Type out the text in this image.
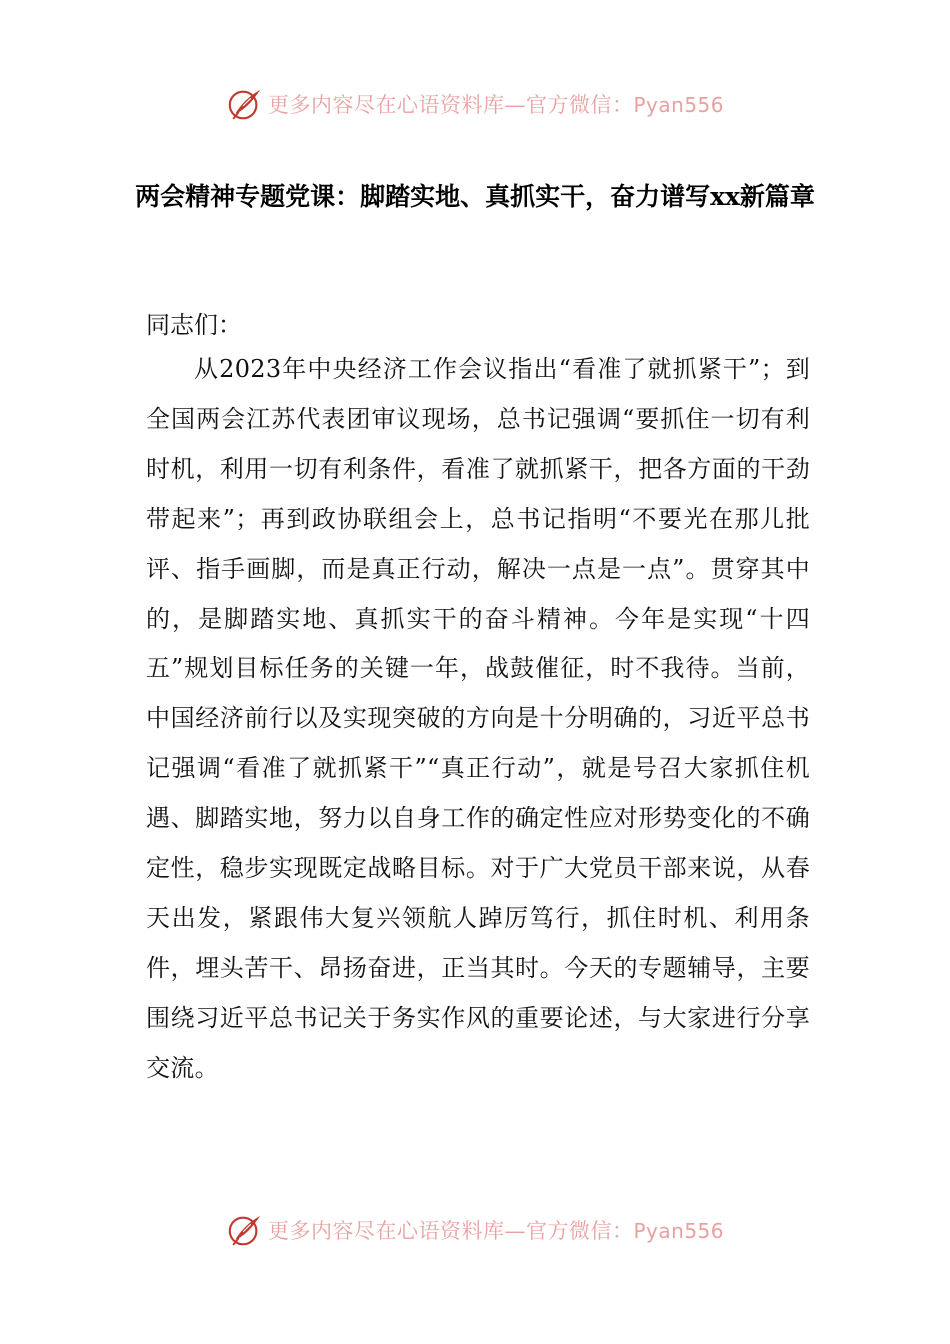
更多内容尽在心语资料库—官方微信：Pyan556
两会精神专题党课：脚踏实地、真抓实干，奋力谱写xx新篇章

同志们：

从2023年中央经济工作会议指出“看准了就抓紧干”；到全国两会江苏代表团审议现场，总书记强调“要抓住一切有利时机，利用一切有利条件，看准了就抓紧干，把各方面的干劲带起来”；再到政协联组会上，总书记指明“不要光在那儿批评、指手画脚，而是真正行动，解决一点是一点”。贯穿其中的，是脚踏实地、真抓实干的奋斗精神。今年是实现“十四五”规划目标任务的关键一年，战鼓催征，时不我待。当前，中国经济前行以及实现突破的方向是十分明确的，习近平总书记强调“看准了就抓紧干”“真正行动”，就是号召大家抓住机遇、脚踏实地，努力以自身工作的确定性应对形势变化的不确定性，稳步实现既定战略目标。对于广大党员干部来说，从春天出发，紧跟伟大复兴领航人踔厉笃行，抓住时机、利用条件，埋头苦干、昂扬奋进，正当其时。今天的专题辅导，主要围绕习近平总书记关于务实作风的重要论述，与大家进行分享交流。

更多内容尽在心语资料库—官方微信：Pyan556
